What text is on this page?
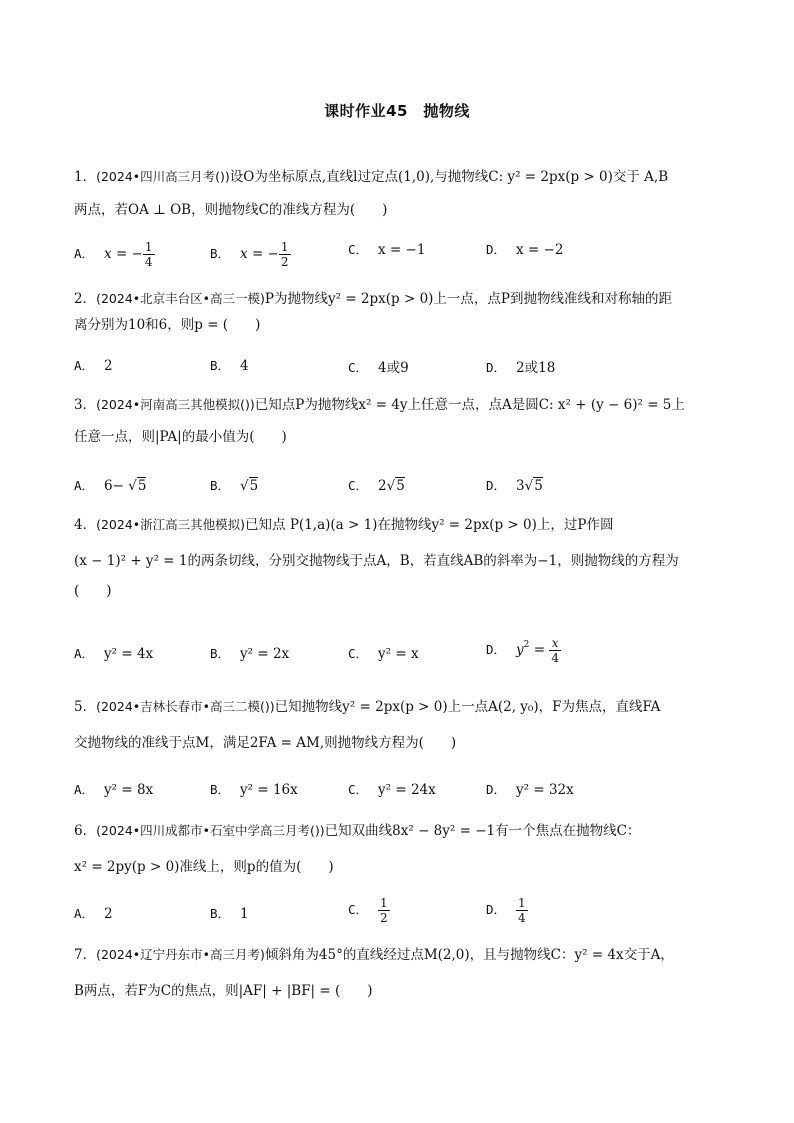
课时作业45　抛物线
1．(2024•四川高三月考())设O为坐标原点,直线l过定点(1,0),与抛物线C: y² = 2px(p > 0)交于 A,B
两点，若OA ⊥ OB，则抛物线C的准线方程为(　　)
A． x = − $\frac{1}{4}$	B． x = − $\frac{1}{2}$	C． x = −1	D． x = −2
2．(2024•北京丰台区•高三一模)P为抛物线y² = 2px(p > 0)上一点，点P到抛物线准线和对称轴的距
离分别为10和6，则p = (　　)
A． 2	B． 4	C． 4或9	D． 2或18
3．(2024•河南高三其他模拟())已知点P为抛物线x² = 4y上任意一点，点A是圆C: x² + (y − 6)² = 5上
任意一点，则|PA|的最小值为(　　)
A． 6− √5	B． √5	C． 2√5	D． 3√5
4．(2024•浙江高三其他模拟)已知点 P(1,a)(a > 1)在抛物线y² = 2px(p > 0)上，过P作圆
(x − 1)² + y² = 1的两条切线，分别交抛物线于点A，B，若直线AB的斜率为−1，则抛物线的方程为
(　　)
A． y² = 4x	B． y² = 2x	C． y² = x	D． $y^2 = \frac{x}{4}$
5．(2024•吉林长春市•高三二模())已知抛物线y² = 2px(p > 0)上一点A(2, y₀)，F为焦点，直线FA
交抛物线的准线于点M，满足2FA = AM,则抛物线方程为(　　)
A． y² = 8x	B． y² = 16x	C． y² = 24x	D． y² = 32x
6．(2024•四川成都市•石室中学高三月考())已知双曲线8x² − 8y² = −1有一个焦点在抛物线C：
x² = 2py(p > 0)准线上，则p的值为(　　)
A． 2	B． 1	C． $\frac{1}{2}$	D． $\frac{1}{4}$
7．(2024•辽宁丹东市•高三月考)倾斜角为45°的直线经过点M(2,0)，且与抛物线C：y² = 4x交于A，
B两点，若F为C的焦点，则|AF| + |BF| = (　　)
